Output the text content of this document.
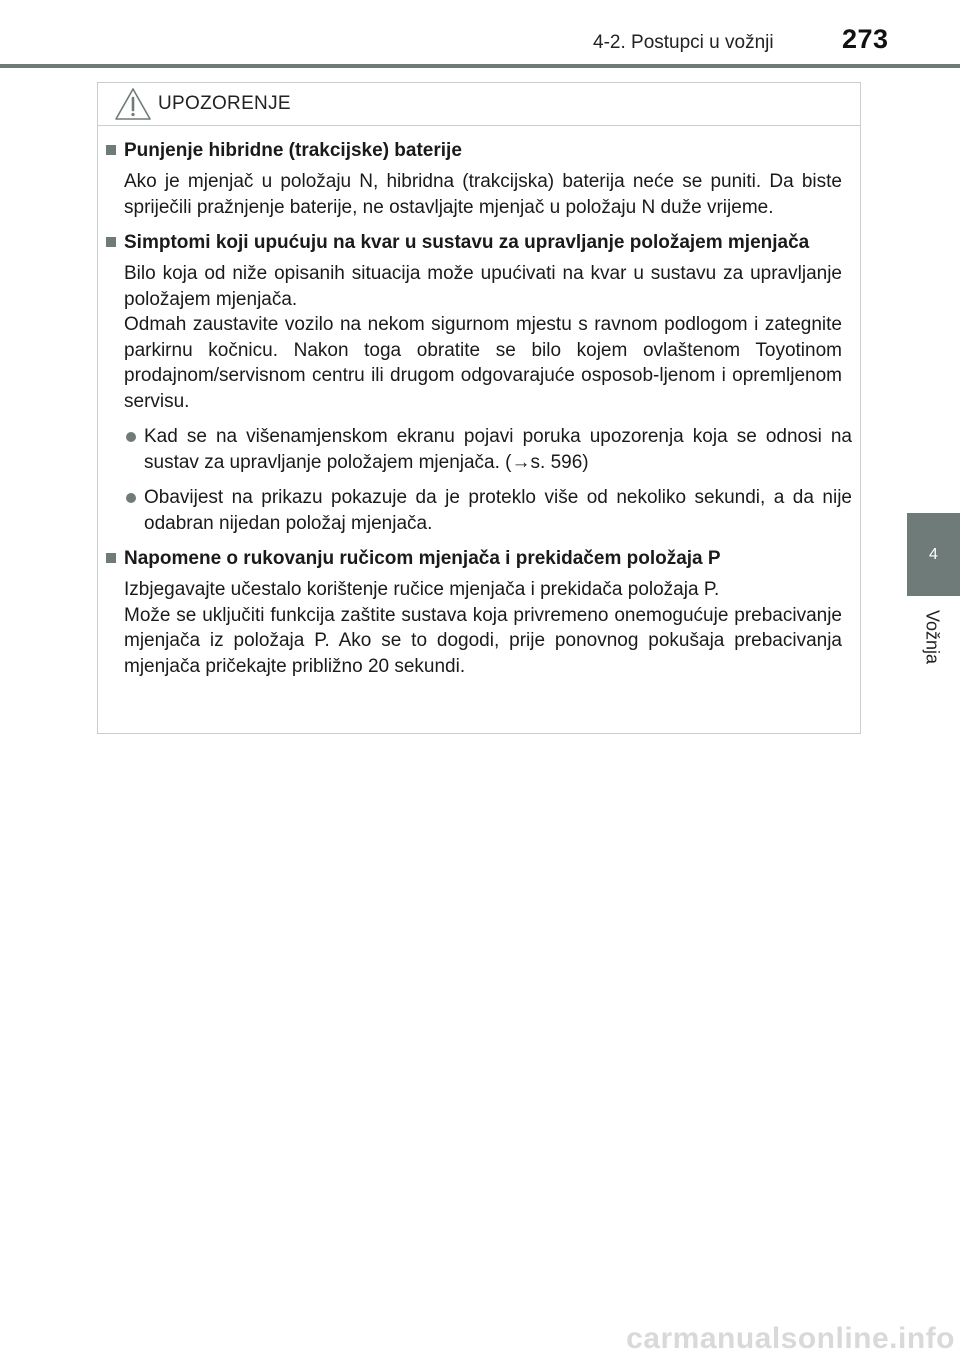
4-2. Postupci u vožnji	273
4
Vožnja
UPOZORENJE
Punjenje hibridne (trakcijske) baterije
Ako je mjenjač u položaju N, hibridna (trakcijska) baterija neće se puniti. Da biste spriječili pražnjenje baterije, ne ostavljajte mjenjač u položaju N duže vrijeme.
Simptomi koji upućuju na kvar u sustavu za upravljanje položajem mjenjača
Bilo koja od niže opisanih situacija može upućivati na kvar u sustavu za upravljanje položajem mjenjača.
Odmah zaustavite vozilo na nekom sigurnom mjestu s ravnom podlogom i zategnite parkirnu kočnicu. Nakon toga obratite se bilo kojem ovlaštenom Toyotinom prodajnom/servisnom centru ili drugom odgovarajuće osposob-ljenom i opremljenom servisu.
Kad se na višenamjenskom ekranu pojavi poruka upozorenja koja se odnosi na sustav za upravljanje položajem mjenjača. (→s. 596)
Obavijest na prikazu pokazuje da je proteklo više od nekoliko sekundi, a da nije odabran nijedan položaj mjenjača.
Napomene o rukovanju ručicom mjenjača i prekidačem položaja P
Izbjegavajte učestalo korištenje ručice mjenjača i prekidača položaja P.
Može se uključiti funkcija zaštite sustava koja privremeno onemogućuje prebacivanje mjenjača iz položaja P. Ako se to dogodi, prije ponovnog pokušaja prebacivanja mjenjača pričekajte približno 20 sekundi.
carmanualsonline.info
